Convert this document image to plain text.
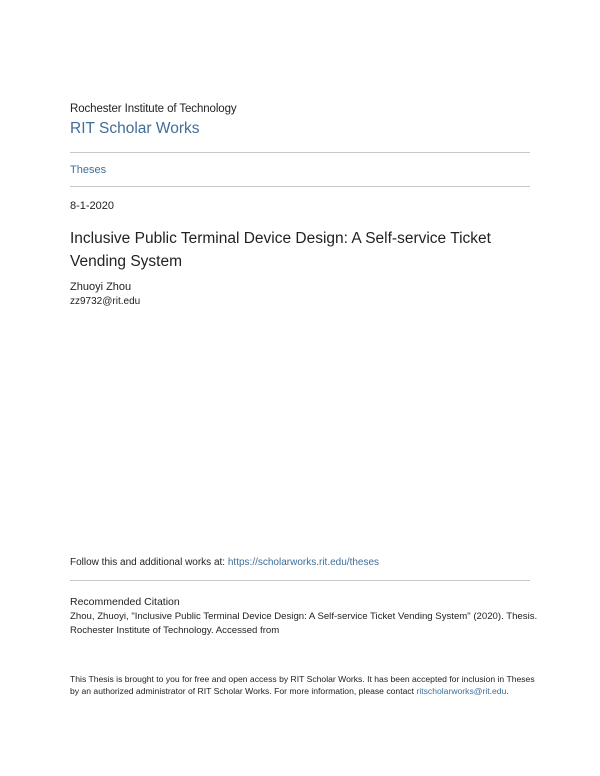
Rochester Institute of Technology
RIT Scholar Works
Theses
8-1-2020
Inclusive Public Terminal Device Design: A Self-service Ticket Vending System
Zhuoyi Zhou
zz9732@rit.edu
Follow this and additional works at: https://scholarworks.rit.edu/theses
Recommended Citation
Zhou, Zhuoyi, "Inclusive Public Terminal Device Design: A Self-service Ticket Vending System" (2020). Thesis. Rochester Institute of Technology. Accessed from
This Thesis is brought to you for free and open access by RIT Scholar Works. It has been accepted for inclusion in Theses by an authorized administrator of RIT Scholar Works. For more information, please contact ritscholarworks@rit.edu.
